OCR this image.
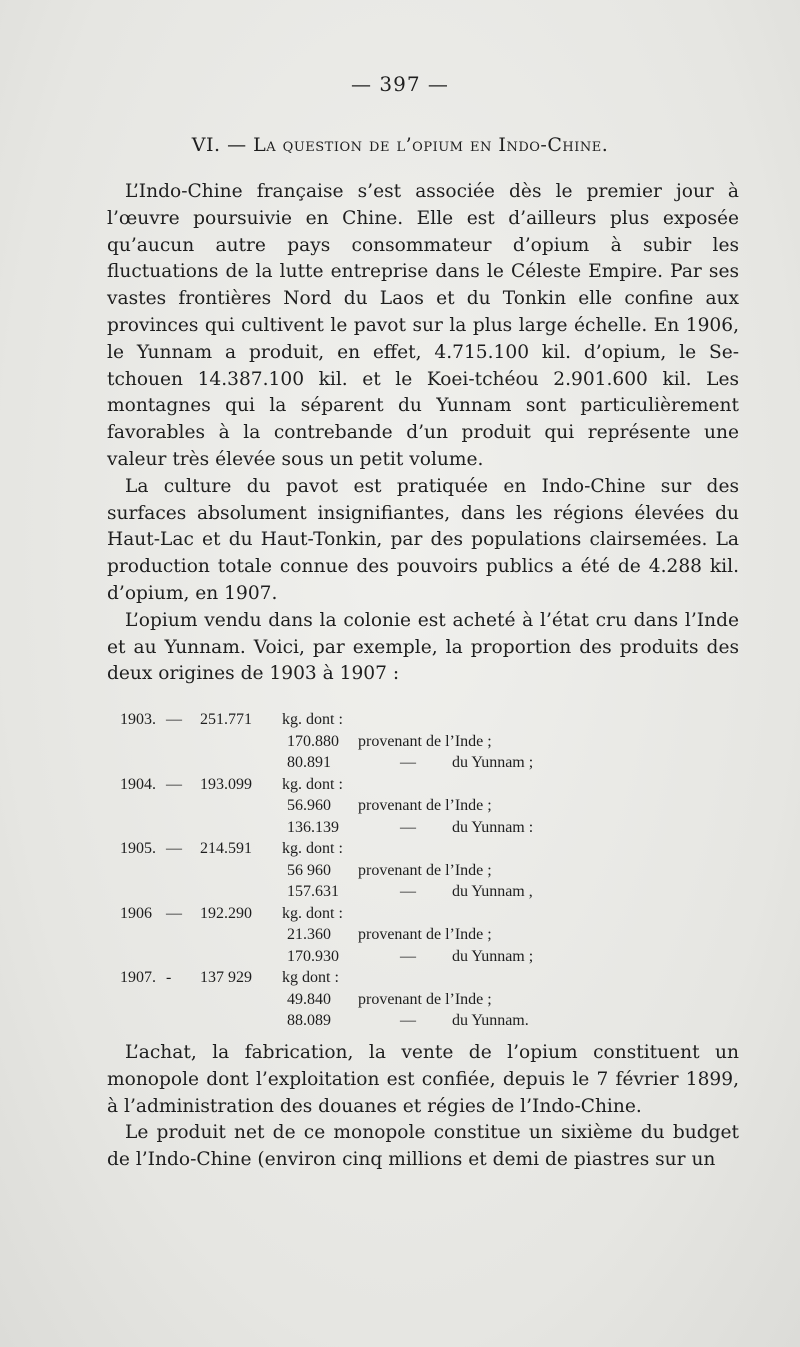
— 397 —
VI. — La question de l’opium en Indo-Chine.

L’Indo-Chine française s’est associée dès le premier jour à l’œuvre poursuivie en Chine. Elle est d’ailleurs plus exposée qu’aucun autre pays consommateur d’opium à subir les fluctuations de la lutte entreprise dans le Céleste Empire. Par ses vastes frontières Nord du Laos et du Tonkin elle confine aux provinces qui cultivent le pavot sur la plus large échelle. En 1906, le Yunnam a produit, en effet, 4.715.100 kil. d’opium, le Se-tchouen 14.387.100 kil. et le Koei-tchéou 2.901.600 kil. Les montagnes qui la séparent du Yunnam sont particulièrement favorables à la contrebande d’un produit qui représente une valeur très élevée sous un petit volume.

La culture du pavot est pratiquée en Indo-Chine sur des surfaces absolument insignifiantes, dans les régions élevées du Haut-Lac et du Haut-Tonkin, par des populations clairsemées. La production totale connue des pouvoirs publics a été de 4.288 kil. d’opium, en 1907.

L’opium vendu dans la colonie est acheté à l’état cru dans l’Inde et au Yunnam. Voici, par exemple, la proportion des produits des deux origines de 1903 à 1907 :

1903. — 251.771 kg. dont :
170.880 provenant de l’Inde ;
80.891	— du Yunnam ;
1904. — 193.099 kg. dont :
56.960 provenant de l’Inde ;
136.139	— du Yunnam :
1905. — 214.591 kg. dont :
56 960 provenant de l’Inde ;
157.631	— du Yunnam ,
1906 — 192.290 kg. dont :
21.360 provenant de l’Inde ;
170.930	— du Yunnam ;
1907. - 137 929 kg dont :
49.840 provenant de l’Inde ;
88.089	— du Yunnam.

L’achat, la fabrication, la vente de l’opium constituent un monopole dont l’exploitation est confiée, depuis le 7 février 1899, à l’administration des douanes et régies de l’Indo-Chine.

Le produit net de ce monopole constitue un sixième du budget de l’Indo-Chine (environ cinq millions et demi de piastres sur un
